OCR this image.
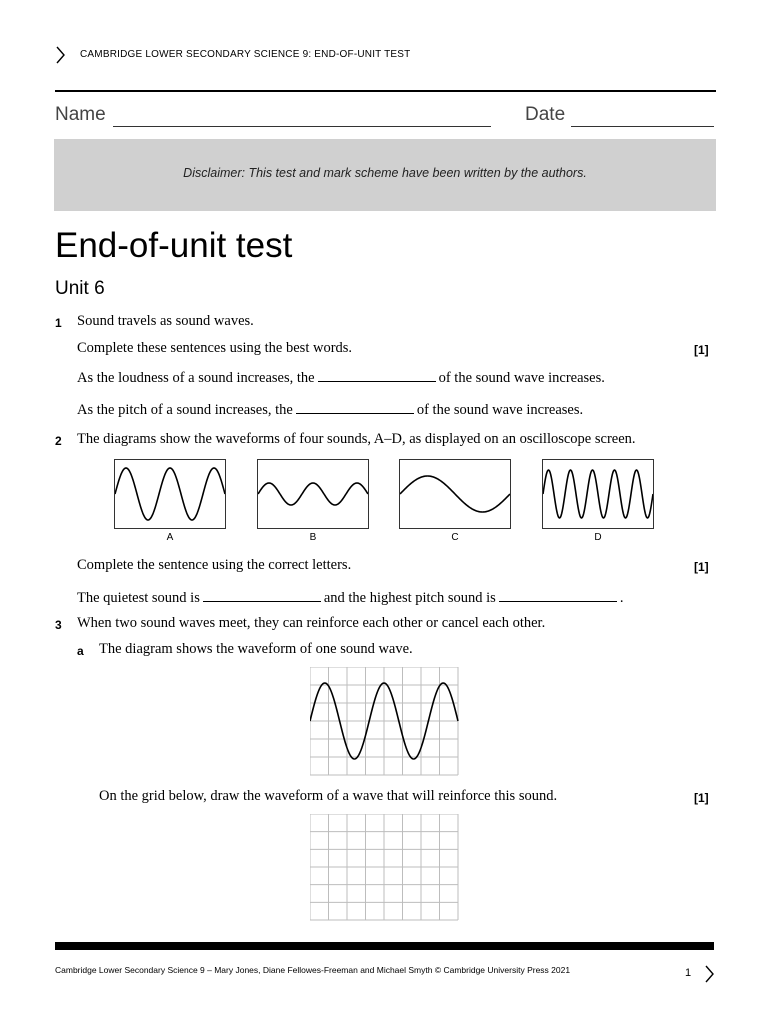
CAMBRIDGE LOWER SECONDARY SCIENCE 9: END-OF-UNIT TEST
Name	Date
Disclaimer: This test and mark scheme have been written by the authors.
End-of-unit test
Unit 6
1 Sound travels as sound waves.
Complete these sentences using the best words.	[1]
As the loudness of a sound increases, the	of the sound wave increases.
As the pitch of a sound increases, the	of the sound wave increases.
2 The diagrams show the waveforms of four sounds, A–D, as displayed on an oscilloscope screen.
A	B	C	D
Complete the sentence using the correct letters.	[1]
The quietest sound is	and the highest pitch sound is	.
3 When two sound waves meet, they can reinforce each other or cancel each other.
a The diagram shows the waveform of one sound wave.
On the grid below, draw the waveform of a wave that will reinforce this sound.	[1]
Cambridge Lower Secondary Science 9 – Mary Jones, Diane Fellowes-Freeman and Michael Smyth © Cambridge University Press 2021	1
